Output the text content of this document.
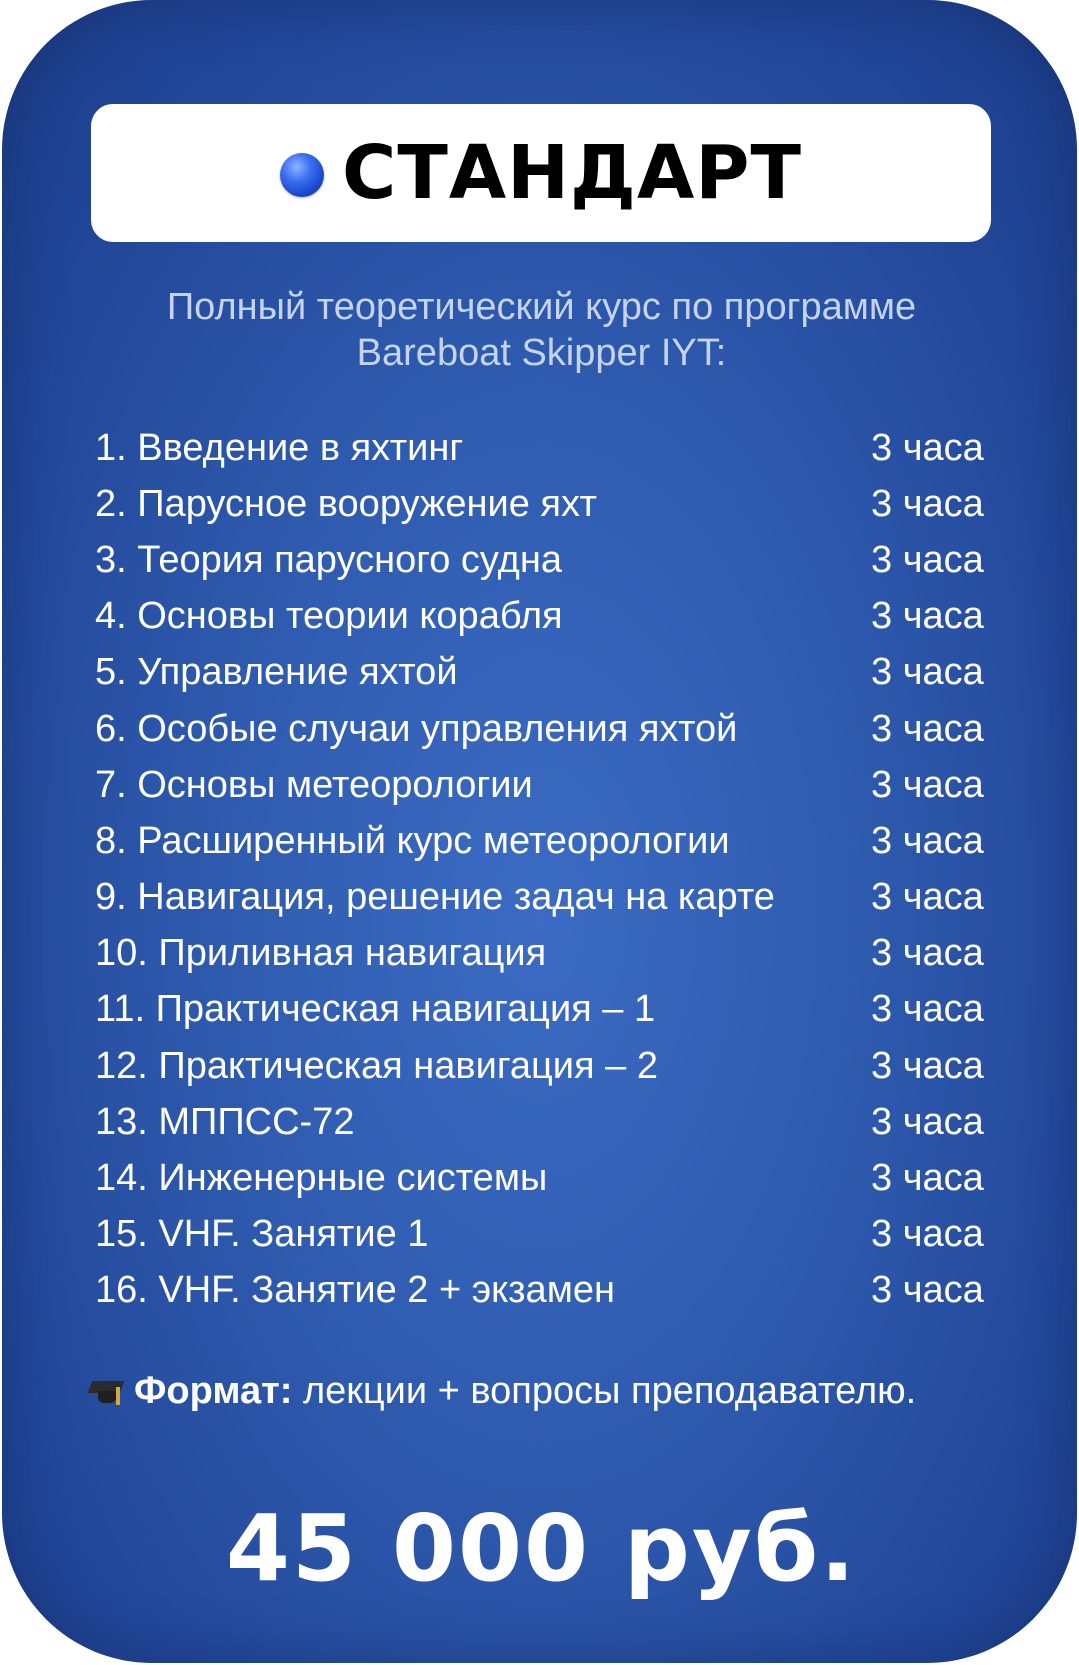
СТАНДАРТ
Полный теоретический курс по программе
Bareboat Skipper IYT:
1. Введение в яхтинг	3 часа
2. Парусное вооружение яхт	3 часа
3. Теория парусного судна	3 часа
4. Основы теории корабля	3 часа
5. Управление яхтой	3 часа
6. Особые случаи управления яхтой	3 часа
7. Основы метеорологии	3 часа
8. Расширенный курс метеорологии	3 часа
9. Навигация, решение задач на карте	3 часа
10. Приливная навигация	3 часа
11. Практическая навигация – 1	3 часа
12. Практическая навигация – 2	3 часа
13. МППСС-72	3 часа
14. Инженерные системы	3 часа
15. VHF. Занятие 1	3 часа
16. VHF. Занятие 2 + экзамен	3 часа
Формат: лекции + вопросы преподавателю.
45 000 руб.
